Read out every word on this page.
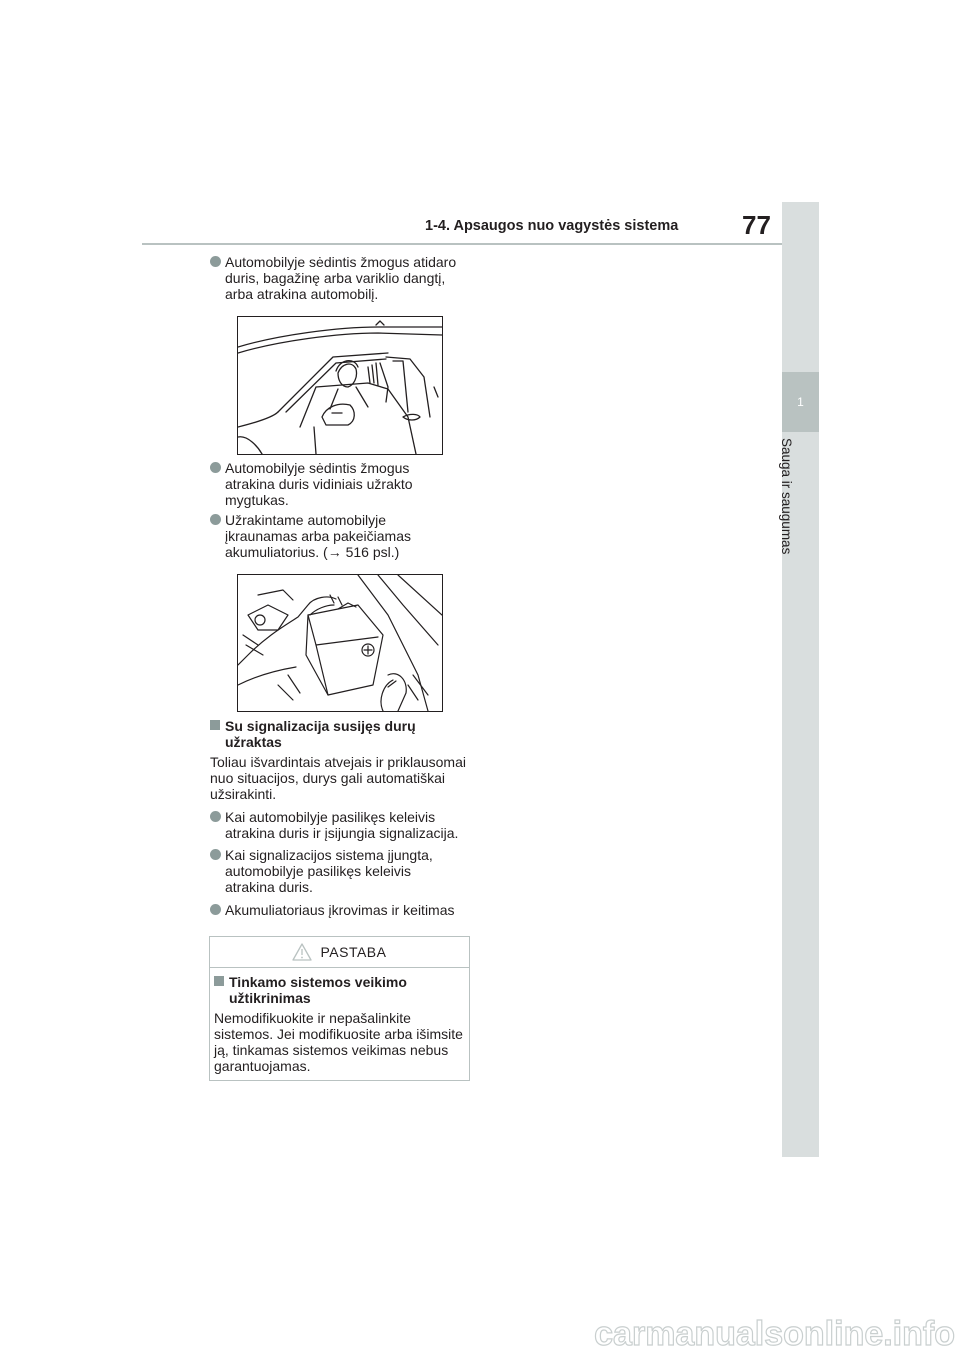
1
Sauga ir saugumas
1-4. Apsaugos nuo vagystės sistema 77
Automobilyje sėdintis žmogus atidaro duris, bagažinę arba variklio dangtį, arba atrakina automobilį.
Automobilyje sėdintis žmogus atrakina duris vidiniais užrakto mygtukas.
Užrakintame automobilyje įkraunamas arba pakeičiamas akumuliatorius. (→ 516 psl.)
Su signalizacija susijęs durų užraktas
Toliau išvardintais atvejais ir priklausomai nuo situacijos, durys gali automatiškai užsirakinti.
Kai automobilyje pasilikęs keleivis atrakina duris ir įsijungia signalizacija.
Kai signalizacijos sistema įjungta, automobilyje pasilikęs keleivis atrakina duris.
Akumuliatoriaus įkrovimas ir keitimas
PASTABA
Tinkamo sistemos veikimo užtikrinimas
Nemodifikuokite ir nepašalinkite sistemos. Jei modifikuosite arba išimsite ją, tinkamas sistemos veikimas nebus garantuojamas.
carmanualsonline.info
